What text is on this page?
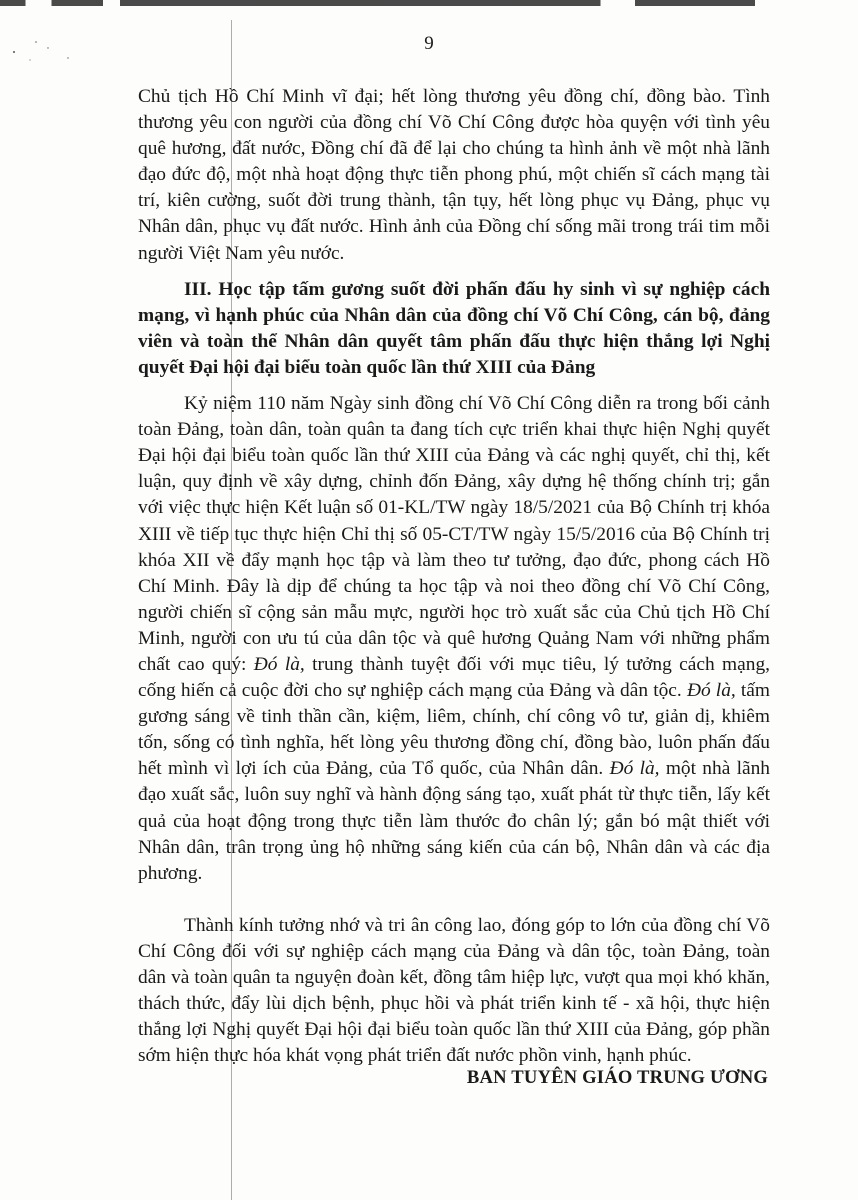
9

Chủ tịch Hồ Chí Minh vĩ đại; hết lòng thương yêu đồng chí, đồng bào. Tình thương yêu con người của đồng chí Võ Chí Công được hòa quyện với tình yêu quê hương, đất nước, Đồng chí đã để lại cho chúng ta hình ảnh về một nhà lãnh đạo đức độ, một nhà hoạt động thực tiễn phong phú, một chiến sĩ cách mạng tài trí, kiên cường, suốt đời trung thành, tận tụy, hết lòng phục vụ Đảng, phục vụ Nhân dân, phục vụ đất nước. Hình ảnh của Đồng chí sống mãi trong trái tim mỗi người Việt Nam yêu nước.

III. Học tập tấm gương suốt đời phấn đấu hy sinh vì sự nghiệp cách mạng, vì hạnh phúc của Nhân dân của đồng chí Võ Chí Công, cán bộ, đảng viên và toàn thể Nhân dân quyết tâm phấn đấu thực hiện thắng lợi Nghị quyết Đại hội đại biểu toàn quốc lần thứ XIII của Đảng

Kỷ niệm 110 năm Ngày sinh đồng chí Võ Chí Công diễn ra trong bối cảnh toàn Đảng, toàn dân, toàn quân ta đang tích cực triển khai thực hiện Nghị quyết Đại hội đại biểu toàn quốc lần thứ XIII của Đảng và các nghị quyết, chỉ thị, kết luận, quy định về xây dựng, chỉnh đốn Đảng, xây dựng hệ thống chính trị; gắn với việc thực hiện Kết luận số 01-KL/TW ngày 18/5/2021 của Bộ Chính trị khóa XIII về tiếp tục thực hiện Chỉ thị số 05-CT/TW ngày 15/5/2016 của Bộ Chính trị khóa XII về đẩy mạnh học tập và làm theo tư tưởng, đạo đức, phong cách Hồ Chí Minh. Đây là dịp để chúng ta học tập và noi theo đồng chí Võ Chí Công, người chiến sĩ cộng sản mẫu mực, người học trò xuất sắc của Chủ tịch Hồ Chí Minh, người con ưu tú của dân tộc và quê hương Quảng Nam với những phẩm chất cao quý: Đó là, trung thành tuyệt đối với mục tiêu, lý tưởng cách mạng, cống hiến cả cuộc đời cho sự nghiệp cách mạng của Đảng và dân tộc. Đó là, tấm gương sáng về tinh thần cần, kiệm, liêm, chính, chí công vô tư, giản dị, khiêm tốn, sống có tình nghĩa, hết lòng yêu thương đồng chí, đồng bào, luôn phấn đấu hết mình vì lợi ích của Đảng, của Tổ quốc, của Nhân dân. Đó là, một nhà lãnh đạo xuất sắc, luôn suy nghĩ và hành động sáng tạo, xuất phát từ thực tiễn, lấy kết quả của hoạt động trong thực tiễn làm thước đo chân lý; gắn bó mật thiết với Nhân dân, trân trọng ủng hộ những sáng kiến của cán bộ, Nhân dân và các địa phương.

Thành kính tưởng nhớ và tri ân công lao, đóng góp to lớn của đồng chí Võ Chí Công đối với sự nghiệp cách mạng của Đảng và dân tộc, toàn Đảng, toàn dân và toàn quân ta nguyện đoàn kết, đồng tâm hiệp lực, vượt qua mọi khó khăn, thách thức, đẩy lùi dịch bệnh, phục hồi và phát triển kinh tế - xã hội, thực hiện thắng lợi Nghị quyết Đại hội đại biểu toàn quốc lần thứ XIII của Đảng, góp phần sớm hiện thực hóa khát vọng phát triển đất nước phồn vinh, hạnh phúc.

BAN TUYÊN GIÁO TRUNG ƯƠNG
